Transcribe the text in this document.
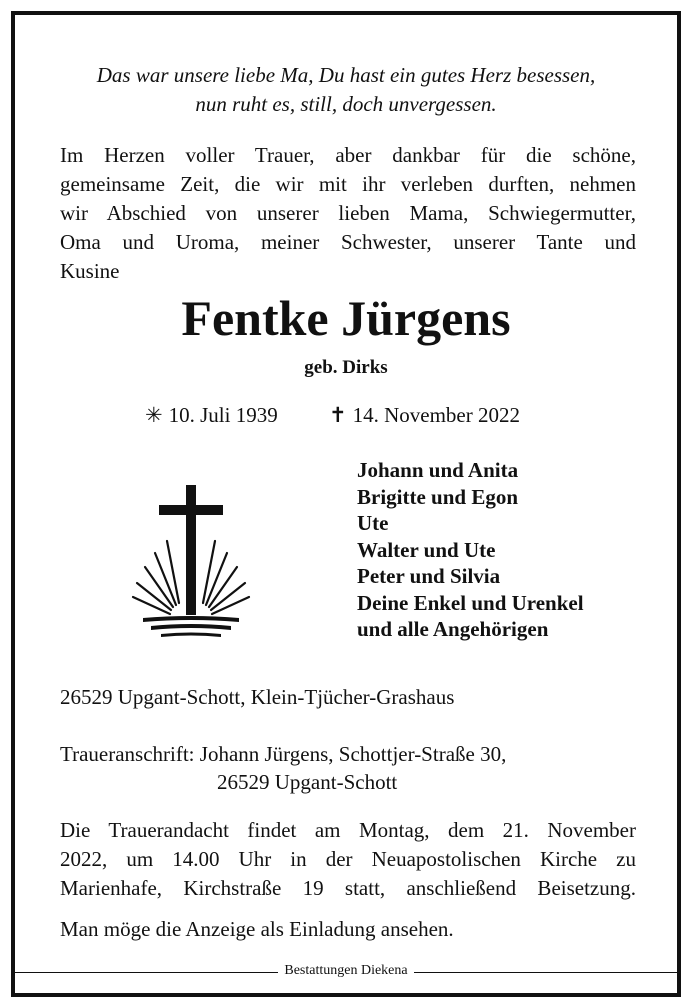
Das war unsere liebe Ma, Du hast ein gutes Herz besessen,
nun ruht es, still, doch unvergessen.
Im Herzen voller Trauer, aber dankbar für die schöne,
gemeinsame Zeit, die wir mit ihr verleben durften, nehmen
wir Abschied von unserer lieben Mama, Schwiegermutter,
Oma und Uroma, meiner Schwester, unserer Tante und
Kusine
Fentke Jürgens
geb. Dirks
✳ 10. Juli 1939 ✝ 14. November 2022
Johann und Anita
Brigitte und Egon
Ute
Walter und Ute
Peter und Silvia
Deine Enkel und Urenkel
und alle Angehörigen
26529 Upgant-Schott, Klein-Tjücher-Grashaus
Traueranschrift: Johann Jürgens, Schottjer-Straße 30,
26529 Upgant-Schott
Die Trauerandacht findet am Montag, dem 21. November
2022, um 14.00 Uhr in der Neuapostolischen Kirche zu
Marienhafe, Kirchstraße 19 statt, anschließend Beisetzung.
Man möge die Anzeige als Einladung ansehen.
Bestattungen Diekena
